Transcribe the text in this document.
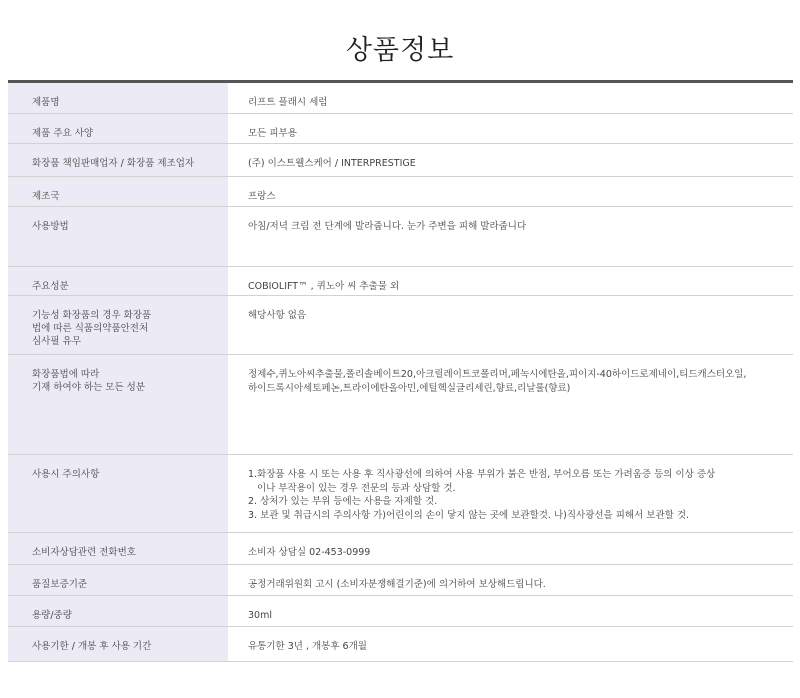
상품정보
제품명	리프트 플래시 세럼

제품 주요 사양	모든 피부용

화장품 책임판매업자 / 화장품 제조업자	(주) 이스트웰스케어 / INTERPRESTIGE

제조국	프랑스

사용방법	아침/저녁 크림 전 단계에 발라줍니다. 눈가 주변을 피해 발라줍니다

주요성분	COBIOLIFT™ , 퀴노아 씨 추출물 외

기능성 화장품의 경우 화장품
법에 따른 식품의약품안전처
심사필 유무	해당사항 없음

화장품법에 따라
기재 하여야 하는 모든 성분	정제수,퀴노아씨추출물,폴리솔베이트20,아크릴레이트코폴리머,페녹시에탄올,피이지-40하이드로제네이,티드캐스터오일,
하이드록시아세토페논,트라이에탄올아민,에틸헥실글리세린,향료,리날룰(향료)

사용시 주의사항	1.화장품 사용 시 또는 사용 후 직사광선에 의하여 사용 부위가 붉은 반점, 부어오름 또는 가려움증 등의 이상 증상
이나 부작용이 있는 경우 전문의 등과 상담할 것.
2. 상처가 있는 부위 등에는 사용을 자제할 것.
3. 보관 및 취급시의 주의사항 가)어린이의 손이 닿지 않는 곳에 보관할것. 나)직사광선을 피해서 보관할 것.

소비자상담관련 전화번호	소비자 상담실 02-453-0999

품질보증기준	공정거래위원회 고시 (소비자분쟁해결기준)에 의거하여 보상해드립니다.

용량/중량	30ml

사용기한 / 개봉 후 사용 기간	유통기한 3년 , 개봉후 6개월
